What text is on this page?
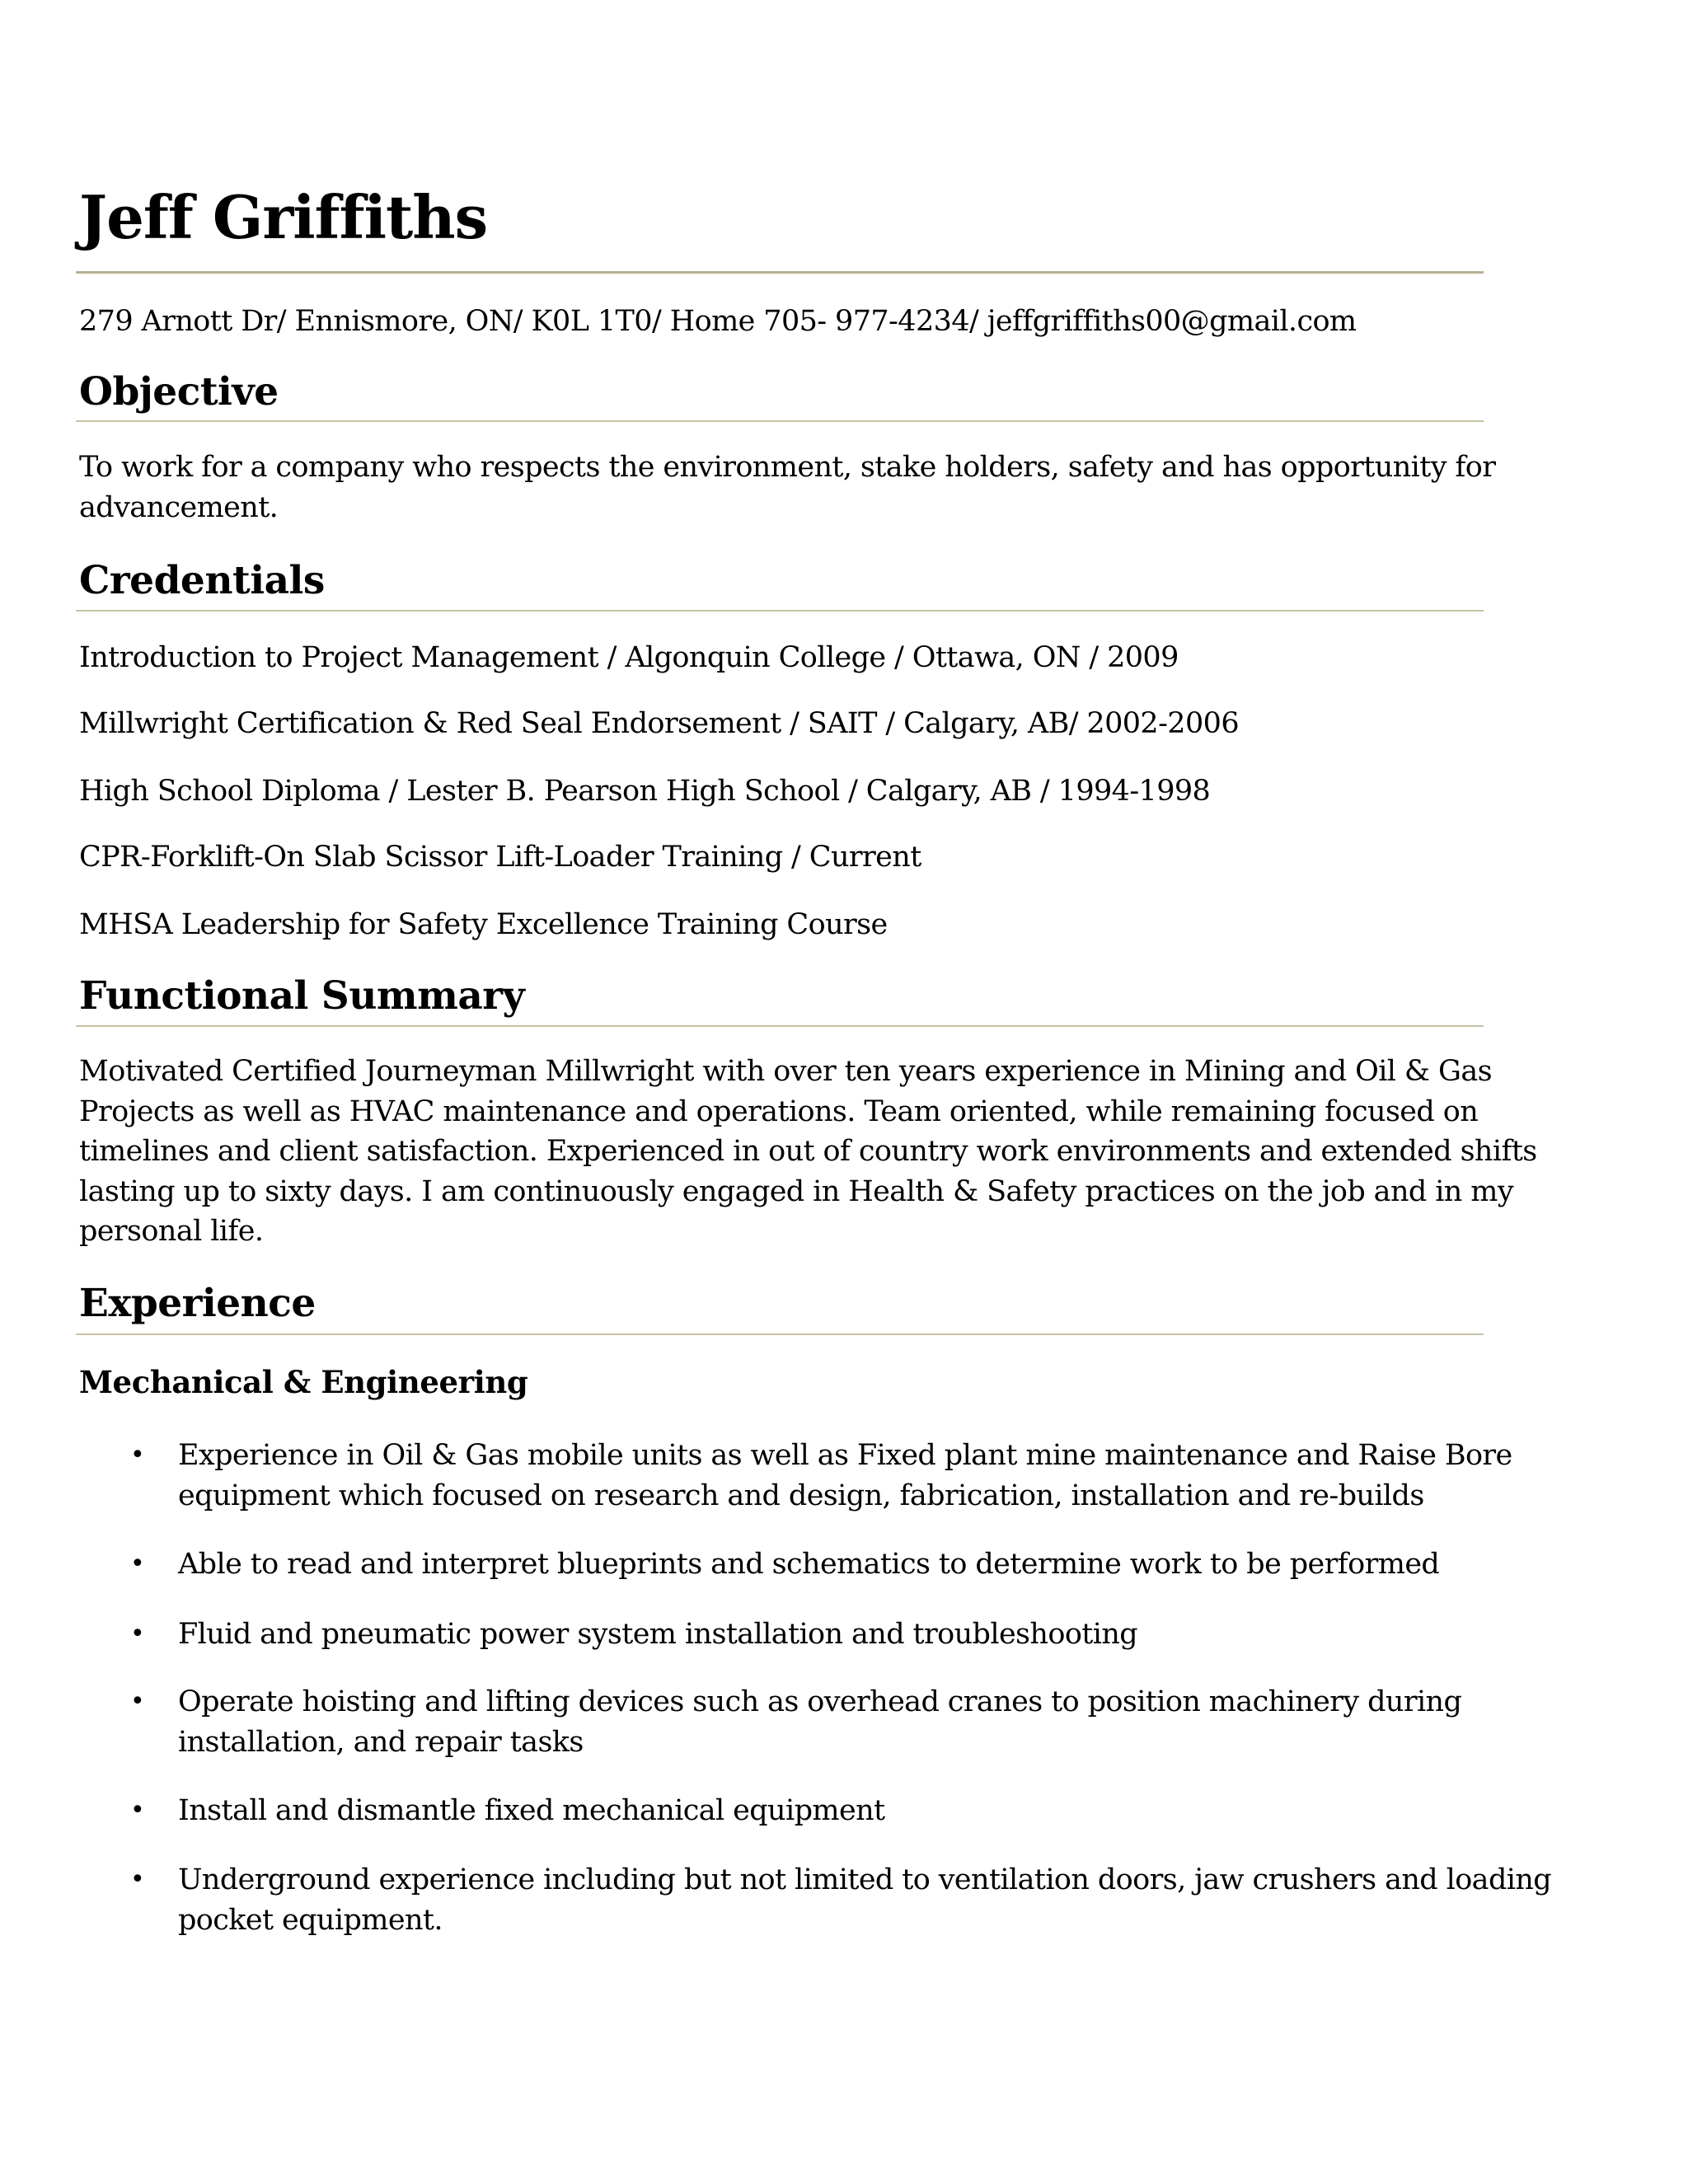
Jeff Griffiths
279 Arnott Dr/ Ennismore, ON/ K0L 1T0/ Home 705- 977-4234/ jeffgriffiths00@gmail.com
Objective
To work for a company who respects the environment, stake holders, safety and has opportunity for
advancement.
Credentials
Introduction to Project Management / Algonquin College / Ottawa, ON / 2009
Millwright Certification & Red Seal Endorsement / SAIT / Calgary, AB/ 2002-2006
High School Diploma / Lester B. Pearson High School / Calgary, AB / 1994-1998
CPR-Forklift-On Slab Scissor Lift-Loader Training / Current
MHSA Leadership for Safety Excellence Training Course
Functional Summary
Motivated Certified Journeyman Millwright with over ten years experience in Mining and Oil & Gas
Projects as well as HVAC maintenance and operations. Team oriented, while remaining focused on
timelines and client satisfaction. Experienced in out of country work environments and extended shifts
lasting up to sixty days. I am continuously engaged in Health & Safety practices on the job and in my
personal life.
Experience
Mechanical & Engineering
•	Experience in Oil & Gas mobile units as well as Fixed plant mine maintenance and Raise Bore
equipment which focused on research and design, fabrication, installation and re-builds
•	Able to read and interpret blueprints and schematics to determine work to be performed
•	Fluid and pneumatic power system installation and troubleshooting
•	Operate hoisting and lifting devices such as overhead cranes to position machinery during
installation, and repair tasks
•	Install and dismantle fixed mechanical equipment
•	Underground experience including but not limited to ventilation doors, jaw crushers and loading
pocket equipment.
